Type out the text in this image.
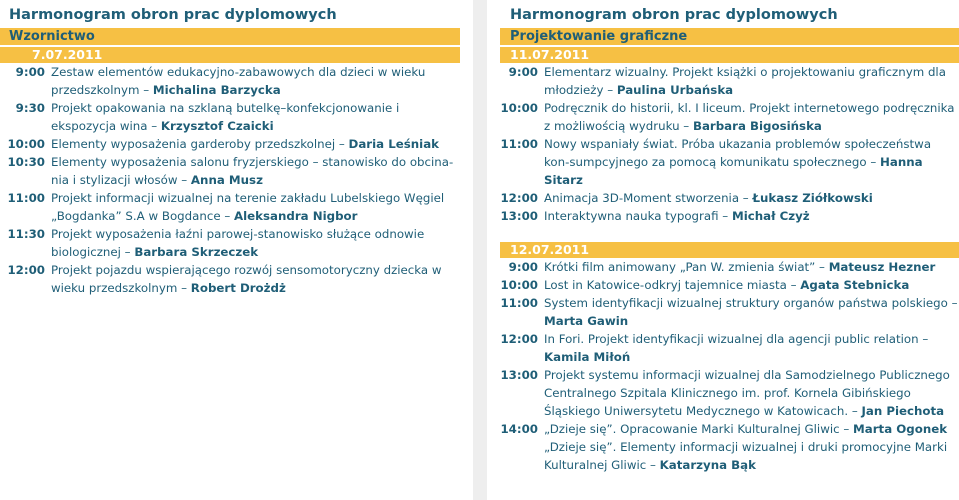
Harmonogram obron prac dyplomowych
Wzornictwo
7.07.2011
9:00 Zestaw elementów edukacyjno-zabawowych dla dzieci w wieku przedszkolnym – Michalina Barzycka
9:30 Projekt opakowania na szklaną butelkę–konfekcjonowanie i ekspozycja wina – Krzysztof Czaicki
10:00 Elementy wyposażenia garderoby przedszkolnej – Daria Leśniak
10:30 Elementy wyposażenia salonu fryzjerskiego – stanowisko do obcina-nia i stylizacji włosów – Anna Musz
11:00 Projekt informacji wizualnej na terenie zakładu Lubelskiego Węgiel „Bogdanka” S.A w Bogdance – Aleksandra Nigbor
11:30 Projekt wyposażenia łaźni parowej-stanowisko służące odnowie biologicznej – Barbara Skrzeczek
12:00 Projekt pojazdu wspierającego rozwój sensomotoryczny dziecka w wieku przedszkolnym – Robert Drożdż
Harmonogram obron prac dyplomowych
Projektowanie graficzne
11.07.2011
9:00 Elementarz wizualny. Projekt książki o projektowaniu graficznym dla młodzieży – Paulina Urbańska
10:00 Podręcznik do historii, kl. I liceum. Projekt internetowego podręcznika z możliwością wydruku – Barbara Bigosińska
11:00 Nowy wspaniały świat. Próba ukazania problemów społeczeństwa kon-sumpcyjnego za pomocą komunikatu społecznego – Hanna Sitarz
12:00 Animacja 3D-Moment stworzenia – Łukasz Ziółkowski
13:00 Interaktywna nauka typografi – Michał Czyż
12.07.2011
9:00 Krótki film animowany „Pan W. zmienia świat” – Mateusz Hezner
10:00 Lost in Katowice-odkryj tajemnice miasta – Agata Stebnicka
11:00 System identyfikacji wizualnej struktury organów państwa polskiego – Marta Gawin
12:00 In Fori. Projekt identyfikacji wizualnej dla agencji public relation – Kamila Miłoń
13:00 Projekt systemu informacji wizualnej dla Samodzielnego Publicznego Centralnego Szpitala Klinicznego im. prof. Kornela Gibińskiego Śląskiego Uniwersytetu Medycznego w Katowicach. – Jan Piechota
14:00 „Dzieje się”. Opracowanie Marki Kulturalnej Gliwic – Marta Ogonek
„Dzieje się”. Elementy informacji wizualnej i druki promocyjne Marki Kulturalnej Gliwic – Katarzyna Bąk
